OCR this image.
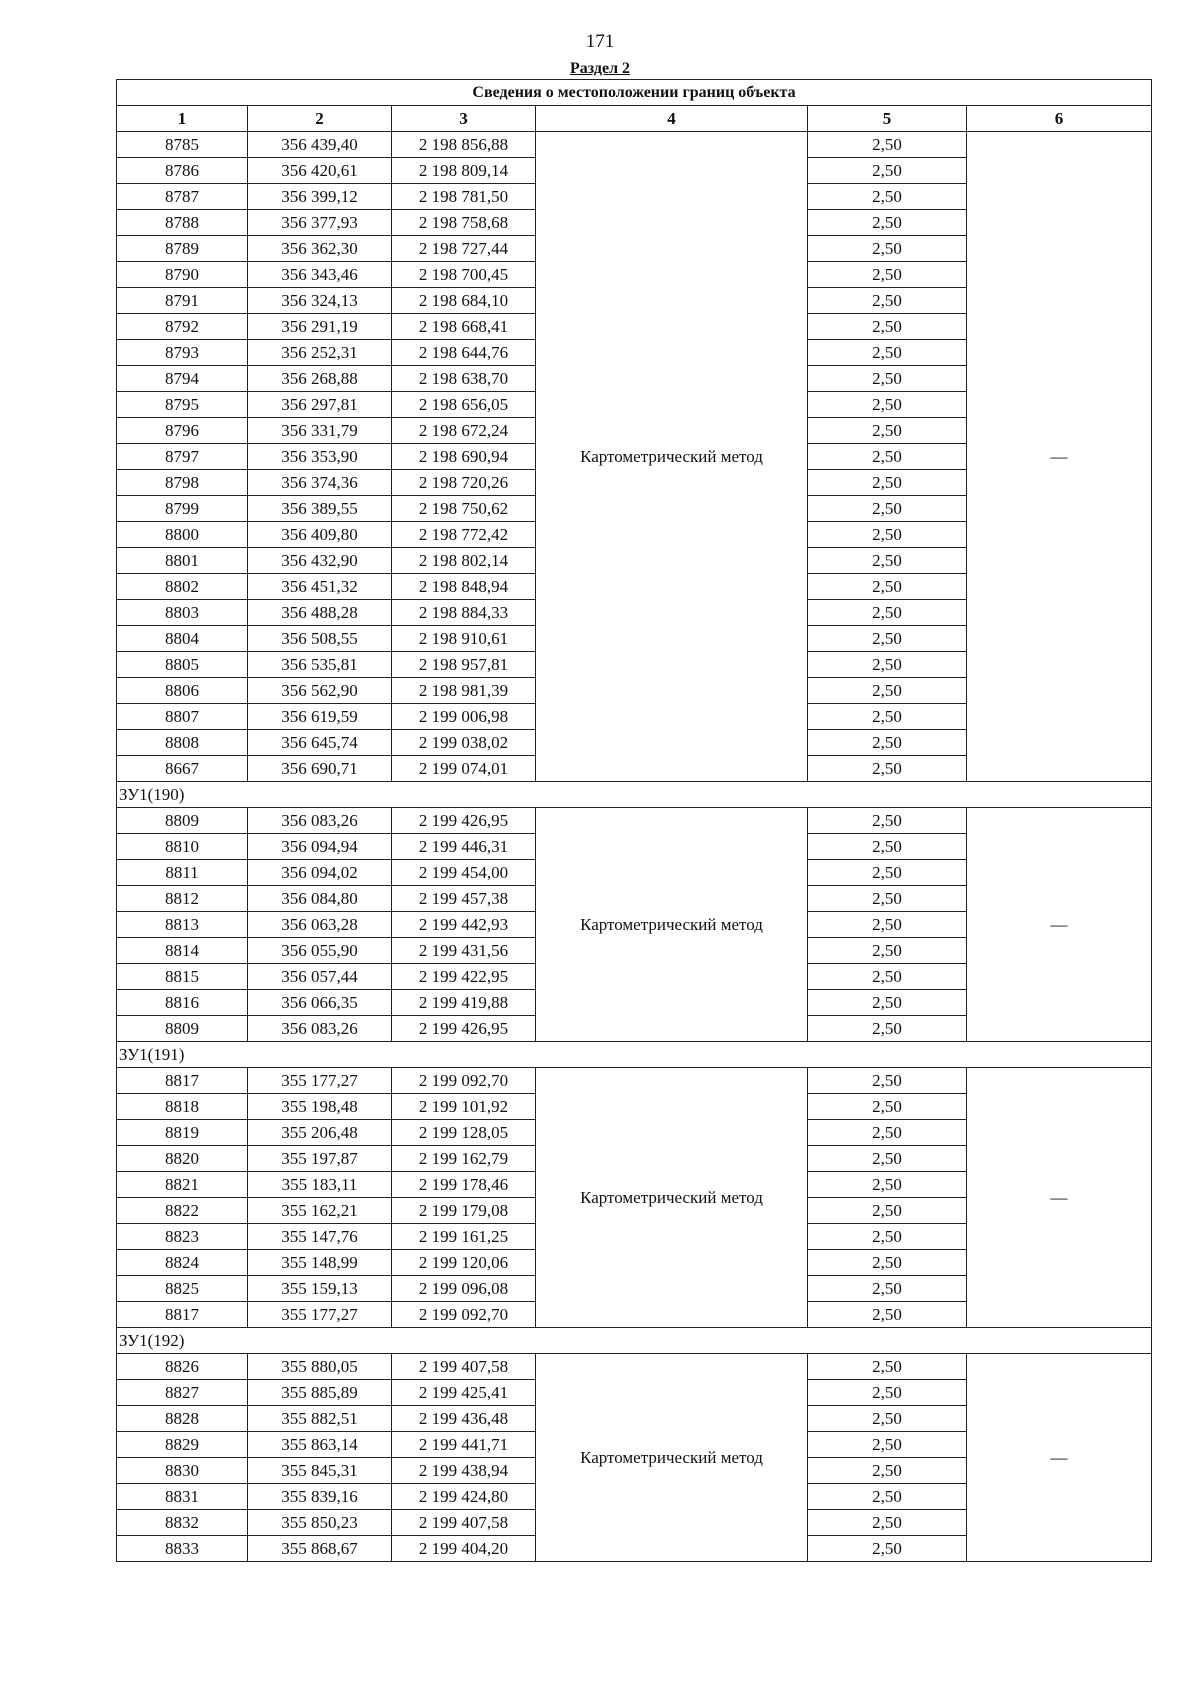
171
Раздел 2
Сведения о местоположении границ объекта					
1	2	3	4	5	6
8785	356 439,40	2 198 856,88	Картометрический метод	2,50	—
8786	356 420,61	2 198 809,14		2,50	
8787	356 399,12	2 198 781,50		2,50	
8788	356 377,93	2 198 758,68		2,50	
8789	356 362,30	2 198 727,44		2,50	
8790	356 343,46	2 198 700,45		2,50	
8791	356 324,13	2 198 684,10		2,50	
8792	356 291,19	2 198 668,41		2,50	
8793	356 252,31	2 198 644,76		2,50	
8794	356 268,88	2 198 638,70		2,50	
8795	356 297,81	2 198 656,05		2,50	
8796	356 331,79	2 198 672,24		2,50	
8797	356 353,90	2 198 690,94		2,50	
8798	356 374,36	2 198 720,26		2,50	
8799	356 389,55	2 198 750,62		2,50	
8800	356 409,80	2 198 772,42		2,50	
8801	356 432,90	2 198 802,14		2,50	
8802	356 451,32	2 198 848,94		2,50	
8803	356 488,28	2 198 884,33		2,50	
8804	356 508,55	2 198 910,61		2,50	
8805	356 535,81	2 198 957,81		2,50	
8806	356 562,90	2 198 981,39		2,50	
8807	356 619,59	2 199 006,98		2,50	
8808	356 645,74	2 199 038,02		2,50	
8667	356 690,71	2 199 074,01		2,50	
ЗУ1(190)					
8809	356 083,26	2 199 426,95	Картометрический метод	2,50	—
8810	356 094,94	2 199 446,31		2,50	
8811	356 094,02	2 199 454,00		2,50	
8812	356 084,80	2 199 457,38		2,50	
8813	356 063,28	2 199 442,93		2,50	
8814	356 055,90	2 199 431,56		2,50	
8815	356 057,44	2 199 422,95		2,50	
8816	356 066,35	2 199 419,88		2,50	
8809	356 083,26	2 199 426,95		2,50	
ЗУ1(191)					
8817	355 177,27	2 199 092,70	Картометрический метод	2,50	—
8818	355 198,48	2 199 101,92		2,50	
8819	355 206,48	2 199 128,05		2,50	
8820	355 197,87	2 199 162,79		2,50	
8821	355 183,11	2 199 178,46		2,50	
8822	355 162,21	2 199 179,08		2,50	
8823	355 147,76	2 199 161,25		2,50	
8824	355 148,99	2 199 120,06		2,50	
8825	355 159,13	2 199 096,08		2,50	
8817	355 177,27	2 199 092,70		2,50	
ЗУ1(192)					
8826	355 880,05	2 199 407,58	Картометрический метод	2,50	—
8827	355 885,89	2 199 425,41		2,50	
8828	355 882,51	2 199 436,48		2,50	
8829	355 863,14	2 199 441,71		2,50	
8830	355 845,31	2 199 438,94		2,50	
8831	355 839,16	2 199 424,80		2,50	
8832	355 850,23	2 199 407,58		2,50	
8833	355 868,67	2 199 404,20		2,50	
